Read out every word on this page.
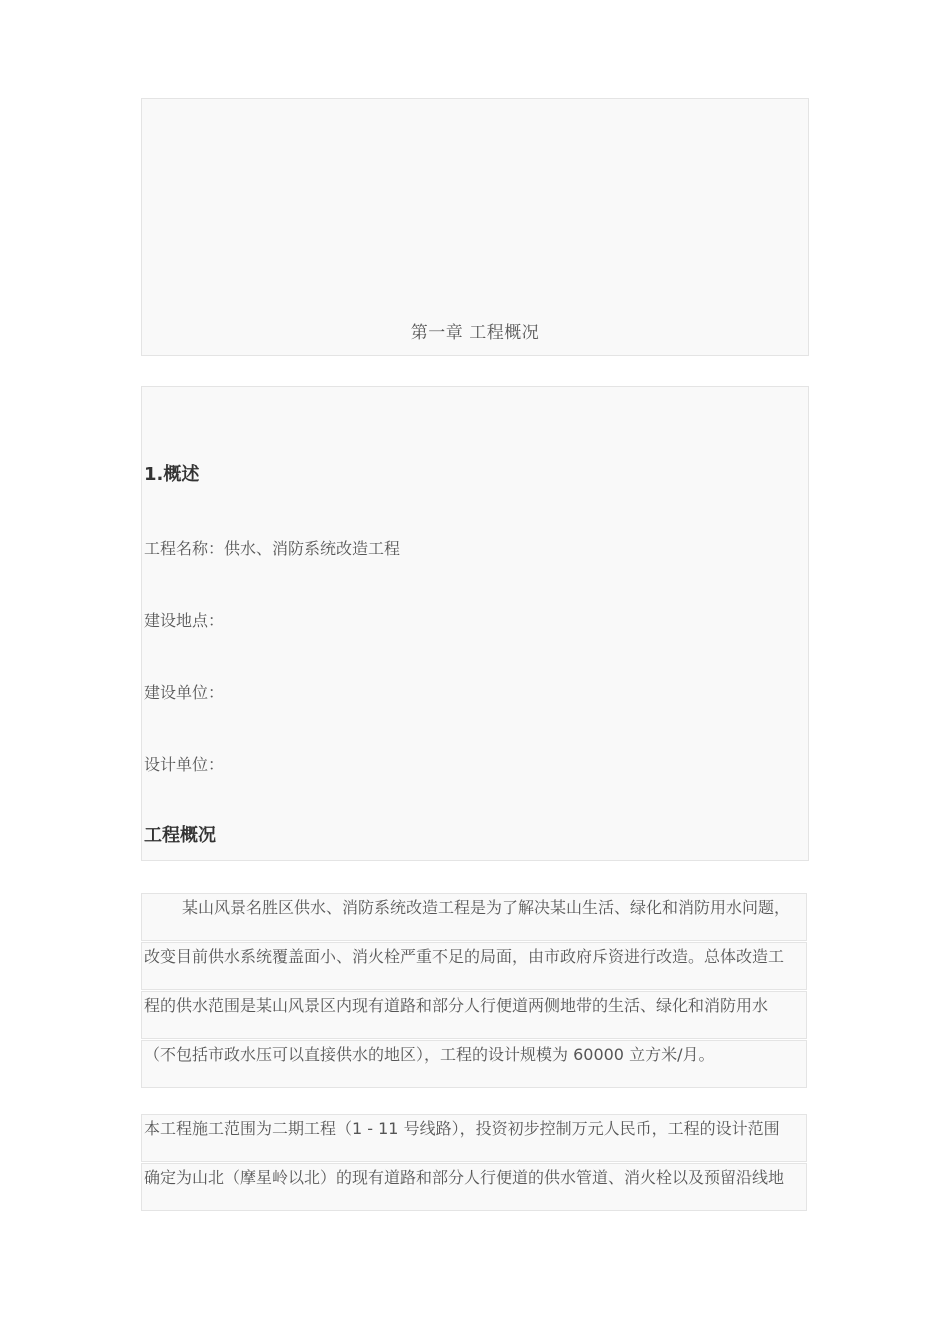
第一章 工程概况
1.概述
工程名称：供水、消防系统改造工程
建设地点：
建设单位：
设计单位：
工程概况
某山风景名胜区供水、消防系统改造工程是为了解决某山生活、绿化和消防用水问题，
改变目前供水系统覆盖面小、消火栓严重不足的局面，由市政府斥资进行改造。总体改造工
程的供水范围是某山风景区内现有道路和部分人行便道两侧地带的生活、绿化和消防用水
（不包括市政水压可以直接供水的地区），工程的设计规模为 60000 立方米/月。
本工程施工范围为二期工程（1 - 11 号线路），投资初步控制万元人民币，工程的设计范围
确定为山北（摩星岭以北）的现有道路和部分人行便道的供水管道、消火栓以及预留沿线地
